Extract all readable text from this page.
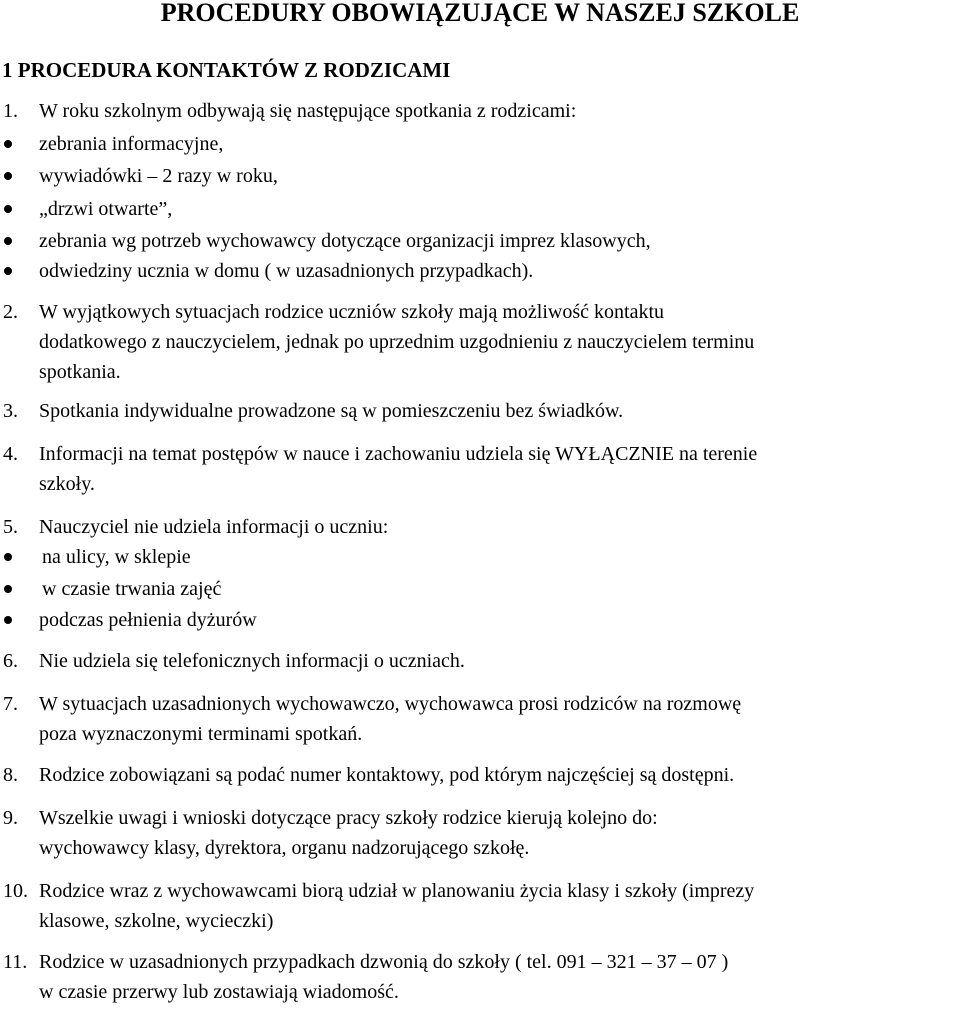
PROCEDURY OBOWIĄZUJĄCE W NASZEJ SZKOLE
1 PROCEDURA KONTAKTÓW Z RODZICAMI
1. W roku szkolnym odbywają się następujące spotkania z rodzicami:
zebrania informacyjne,
wywiadówki – 2 razy w roku,
„drzwi otwarte”,
zebrania wg potrzeb wychowawcy dotyczące organizacji imprez klasowych,
odwiedziny ucznia w domu ( w uzasadnionych przypadkach).
2. W wyjątkowych sytuacjach rodzice uczniów szkoły mają możliwość kontaktu
dodatkowego z nauczycielem, jednak po uprzednim uzgodnieniu z nauczycielem terminu
spotkania.
3. Spotkania indywidualne prowadzone są w pomieszczeniu bez świadków.
4. Informacji na temat postępów w nauce i zachowaniu udziela się WYŁĄCZNIE na terenie
szkoły.
5. Nauczyciel nie udziela informacji o uczniu:
na ulicy, w sklepie
w czasie trwania zajęć
podczas pełnienia dyżurów
6. Nie udziela się telefonicznych informacji o uczniach.
7. W sytuacjach uzasadnionych wychowawczo, wychowawca prosi rodziców na rozmowę
poza wyznaczonymi terminami spotkań.
8. Rodzice zobowiązani są podać numer kontaktowy, pod którym najczęściej są dostępni.
9. Wszelkie uwagi i wnioski dotyczące pracy szkoły rodzice kierują kolejno do:
wychowawcy klasy, dyrektora, organu nadzorującego szkołę.
10. Rodzice wraz z wychowawcami biorą udział w planowaniu życia klasy i szkoły (imprezy
klasowe, szkolne, wycieczki)
11. Rodzice w uzasadnionych przypadkach dzwonią do szkoły ( tel. 091 – 321 – 37 – 07 )
w czasie przerwy lub zostawiają wiadomość.
